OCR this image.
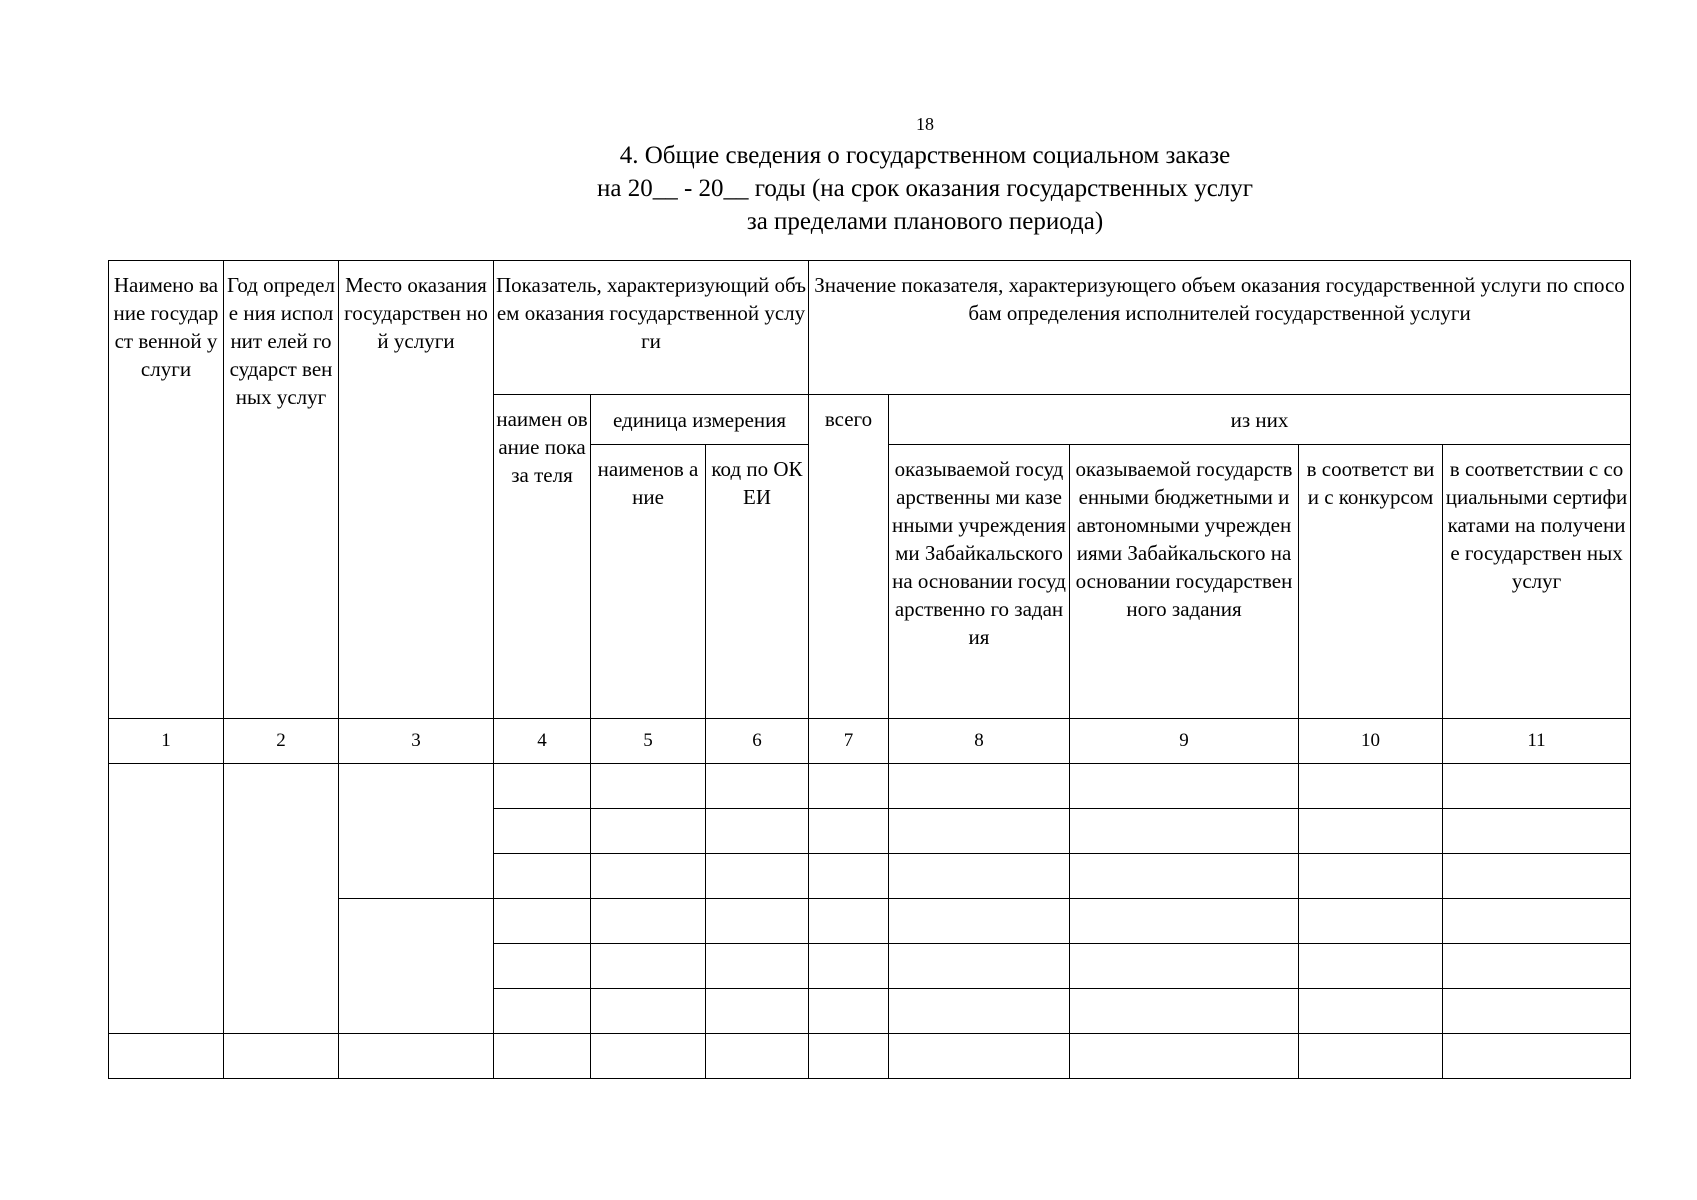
18
4. Общие сведения о государственном социальном заказе
на 20__ - 20__ годы (на срок оказания государственных услуг
за пределами планового периода)
Наимено вание государст венной услуги	Год определе ния исполнит елей государст венных услуг	Место оказания государствен ной услуги	Показатель, характеризующий объем оказания государственной услуги			Значение показателя, характеризующего объем оказания государственной услуги по способам определения исполнителей государственной услуги				
			наимен ование показа теля	единица измерения		всего	из них			
				наименов ание	код по ОКЕИ		оказываемой государственны ми казенными учреждениями Забайкальского на основании государственно го задания	оказываемой государственными бюджетными и автономными учреждениями Забайкальского на основании государственного задания	в соответст вии с конкурсом	в соответствии с социальными сертификатами на получение государствен ных услуг
1	2	3	4	5	6	7	8	9	10	11
